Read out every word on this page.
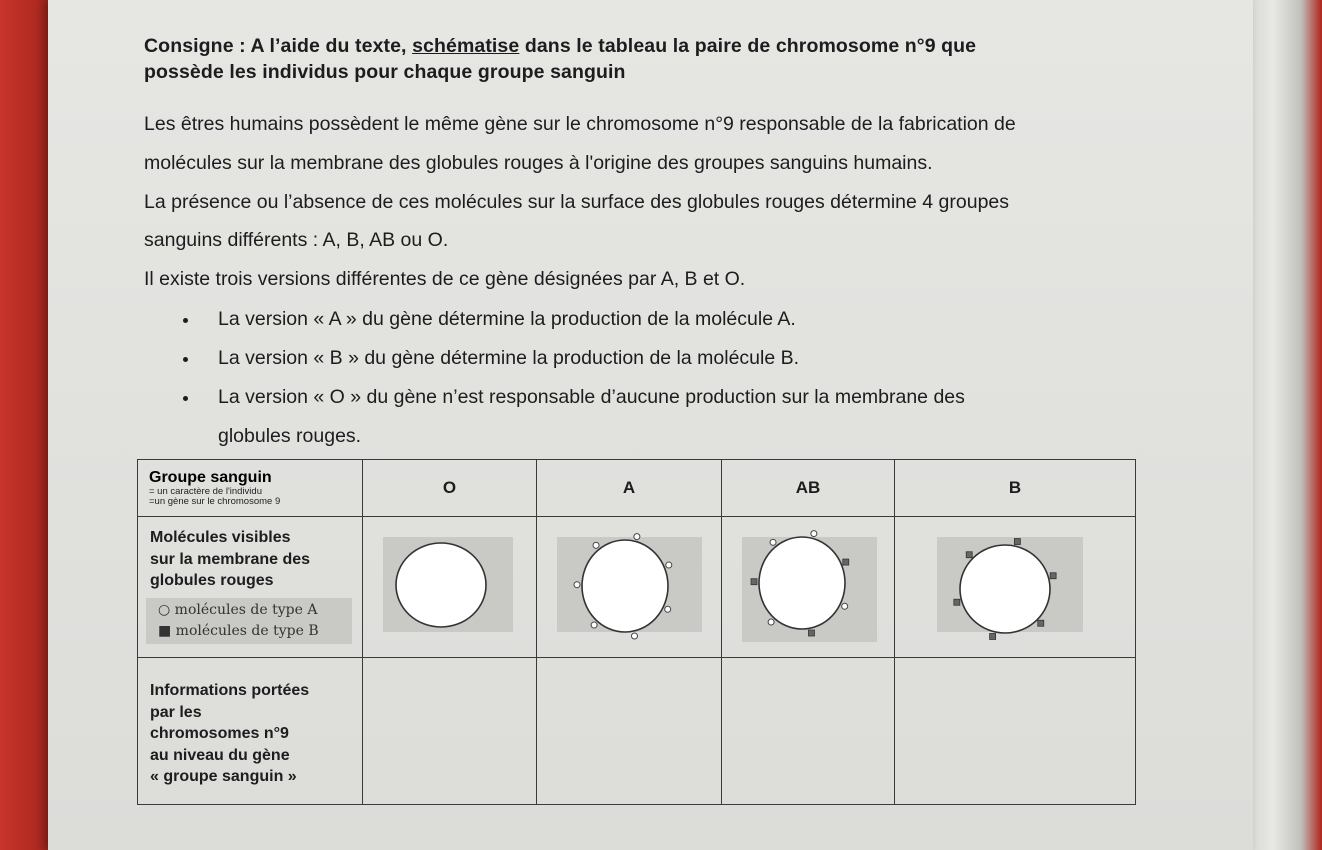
Consigne : A l’aide du texte, schématise dans le tableau la paire de chromosome n°9 que
possède les individus pour chaque groupe sanguin
Les êtres humains possèdent le même gène sur le chromosome n°9 responsable de la fabrication de
molécules sur la membrane des globules rouges à l'origine des groupes sanguins humains.
La présence ou l’absence de ces molécules sur la surface des globules rouges détermine 4 groupes
sanguins différents : A, B, AB ou O.
Il existe trois versions différentes de ce gène désignées par A, B et O.
La version « A » du gène détermine la production de la molécule A.
La version « B » du gène détermine la production de la molécule B.
La version « O » du gène n’est responsable d’aucune production sur la membrane des
globules rouges.
Groupe sanguin
= un caractère de l'individu
=un gène sur le chromosome 9	O	A	AB	B

Molécules visibles
sur la membrane des
globules rouges
○ molécules de type A
■ molécules de type B

Informations portées
par les
chromosomes n°9
au niveau du gène
« groupe sanguin »				
